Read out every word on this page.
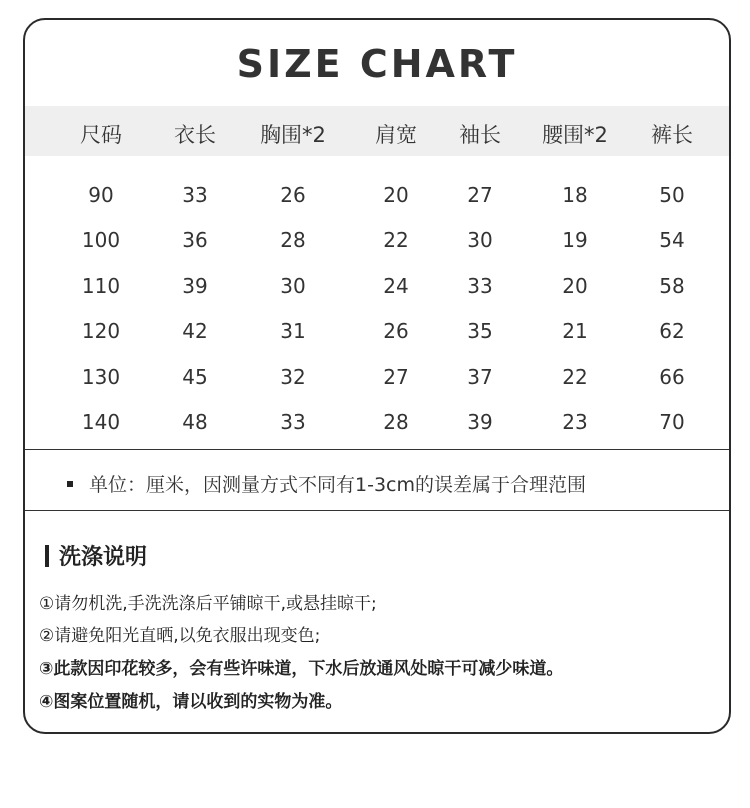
SIZE CHART
尺码 衣长 胸围*2 肩宽 袖长 腰围*2 裤长
90	33	26	20	27	18	50
100	36	28	22	30	19	54
110	39	30	24	33	20	58
120	42	31	26	35	21	62
130	45	32	27	37	22	66
140	48	33	28	39	23	70
单位：厘米，因测量方式不同有1-3cm的误差属于合理范围
洗涤说明
①请勿机洗,手洗洗涤后平铺晾干,或悬挂晾干;
②请避免阳光直晒,以免衣服出现变色;
③此款因印花较多，会有些许味道，下水后放通风处晾干可减少味道。
④图案位置随机，请以收到的实物为准。
